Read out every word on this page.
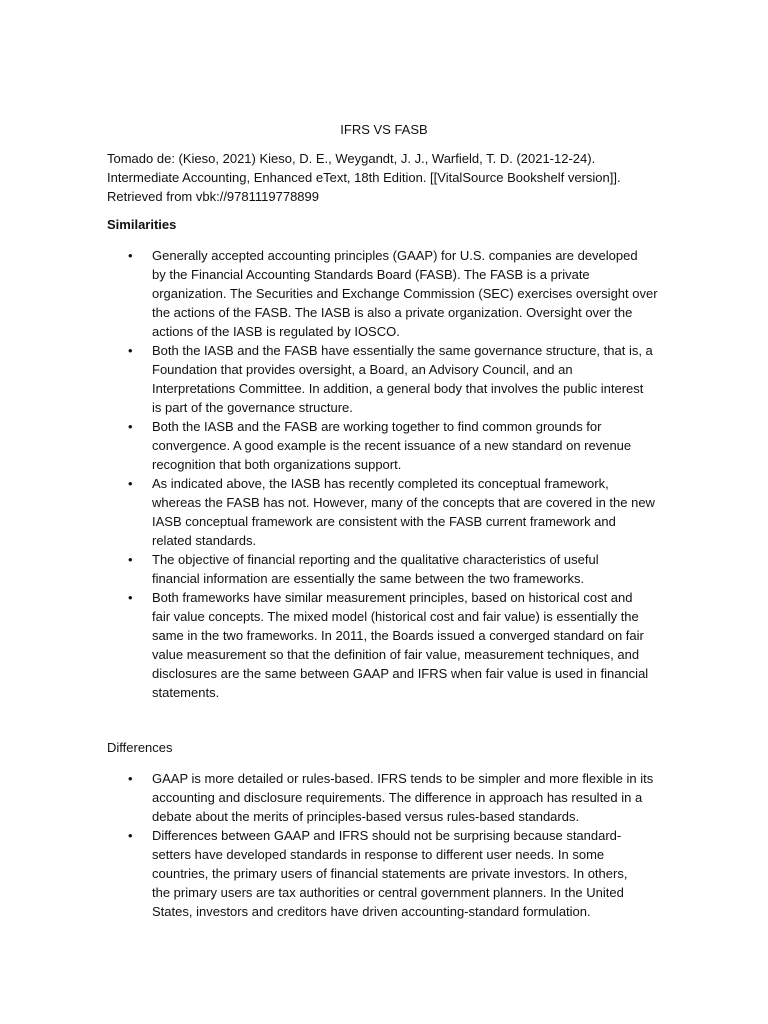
IFRS VS FASB
Tomado de: (Kieso, 2021) Kieso, D. E., Weygandt, J. J., Warfield, T. D. (2021-12-24).
Intermediate Accounting, Enhanced eText, 18th Edition. [[VitalSource Bookshelf version]].
Retrieved from vbk://9781119778899
Similarities
•	Generally accepted accounting principles (GAAP) for U.S. companies are developed
by the Financial Accounting Standards Board (FASB). The FASB is a private
organization. The Securities and Exchange Commission (SEC) exercises oversight over
the actions of the FASB. The IASB is also a private organization. Oversight over the
actions of the IASB is regulated by IOSCO.
•	Both the IASB and the FASB have essentially the same governance structure, that is, a
Foundation that provides oversight, a Board, an Advisory Council, and an
Interpretations Committee. In addition, a general body that involves the public interest
is part of the governance structure.
•	Both the IASB and the FASB are working together to find common grounds for
convergence. A good example is the recent issuance of a new standard on revenue
recognition that both organizations support.
•	As indicated above, the IASB has recently completed its conceptual framework,
whereas the FASB has not. However, many of the concepts that are covered in the new
IASB conceptual framework are consistent with the FASB current framework and
related standards.
•	The objective of financial reporting and the qualitative characteristics of useful
financial information are essentially the same between the two frameworks.
•	Both frameworks have similar measurement principles, based on historical cost and
fair value concepts. The mixed model (historical cost and fair value) is essentially the
same in the two frameworks. In 2011, the Boards issued a converged standard on fair
value measurement so that the definition of fair value, measurement techniques, and
disclosures are the same between GAAP and IFRS when fair value is used in financial
statements.
Differences
•	GAAP is more detailed or rules-based. IFRS tends to be simpler and more flexible in its
accounting and disclosure requirements. The difference in approach has resulted in a
debate about the merits of principles-based versus rules-based standards.
•	Differences between GAAP and IFRS should not be surprising because standard-
setters have developed standards in response to different user needs. In some
countries, the primary users of financial statements are private investors. In others,
the primary users are tax authorities or central government planners. In the United
States, investors and creditors have driven accounting-standard formulation.
